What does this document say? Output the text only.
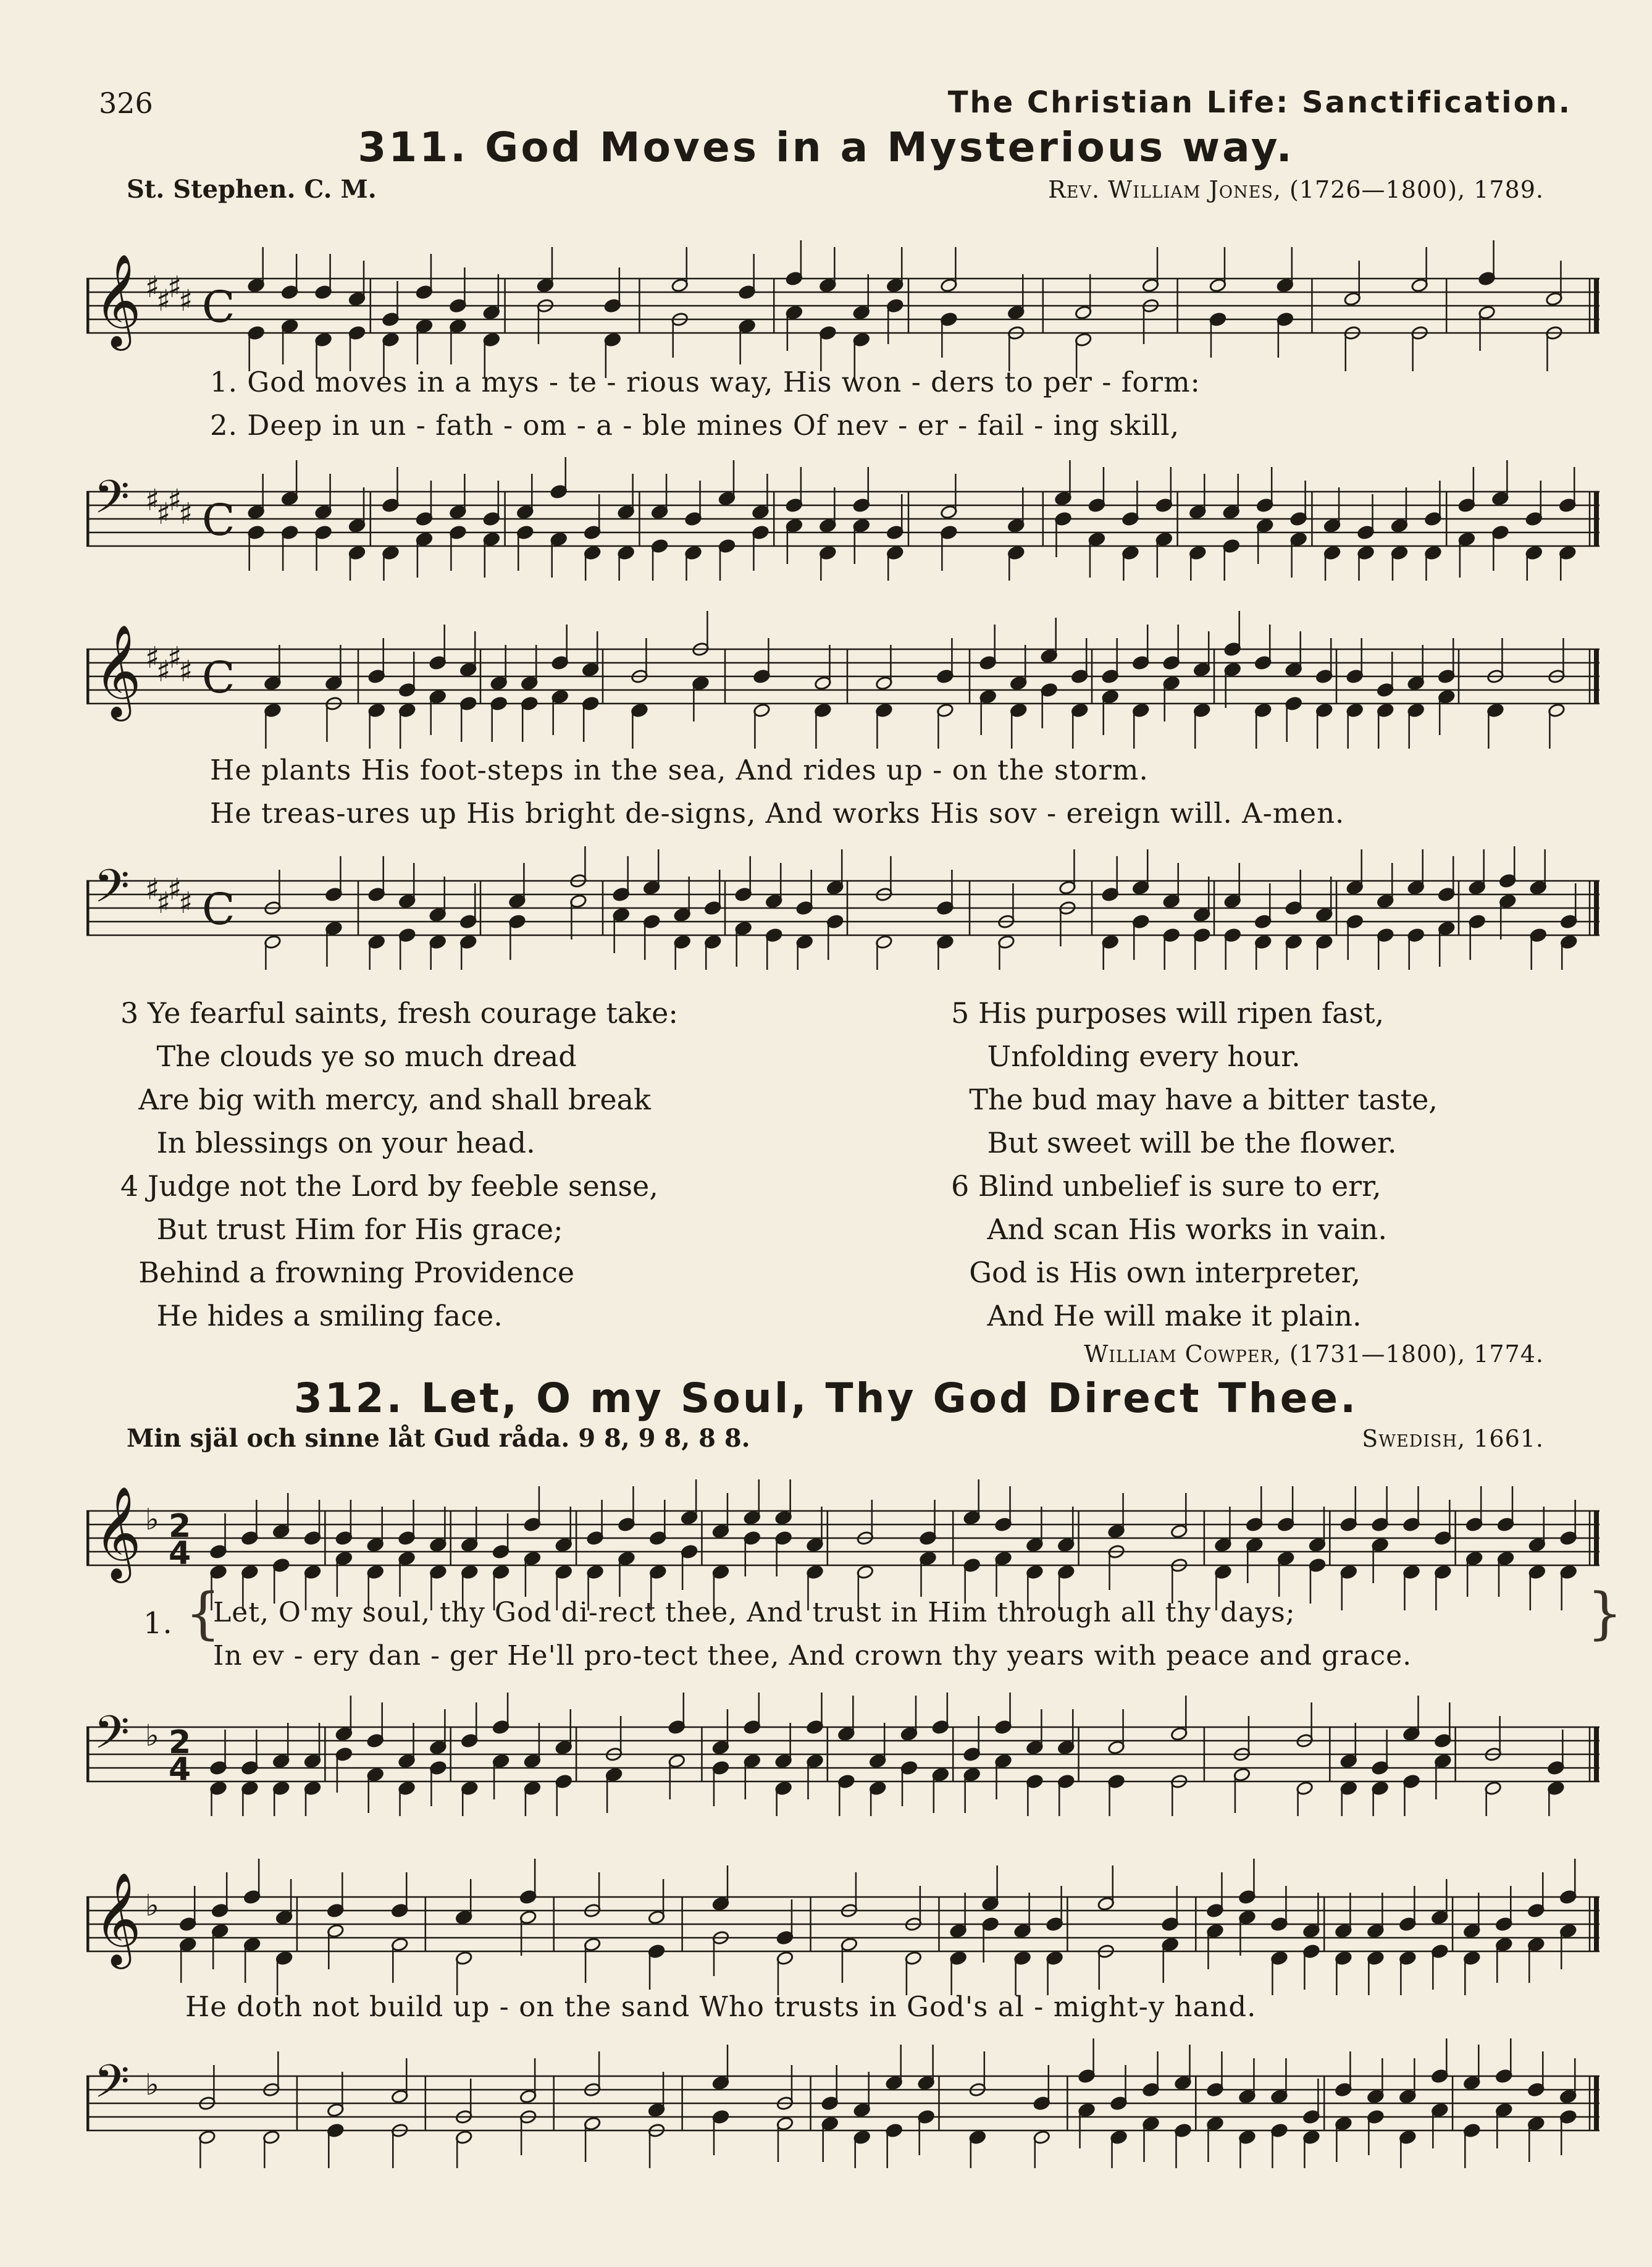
326	The Christian Life: Sanctification.
311. God Moves in a Mysterious way.
St. Stephen. C. M.	Rev. William Jones, (1726—1800), 1789.
𝄞 ♯
♯
♯
♯ C
1. God moves in a mys - te - rious way, His won - ders to per - form:
2. Deep in un - fath - om - a - ble mines Of nev - er - fail - ing skill,
𝄢 ♯
♯
♯
♯ C
𝄞 ♯
♯
♯
♯ C
He plants His foot-steps in the sea, And rides up - on the storm.
He treas-ures up His bright de-signs, And works His sov - ereign will. A-men.
𝄢 ♯
♯
♯
♯ C
3 Ye fearful saints, fresh courage take:
The clouds ye so much dread
Are big with mercy, and shall break
In blessings on your head.
4 Judge not the Lord by feeble sense,
But trust Him for His grace;
Behind a frowning Providence
He hides a smiling face.
5 His purposes will ripen fast,
Unfolding every hour.
The bud may have a bitter taste,
But sweet will be the flower.
6 Blind unbelief is sure to err,
And scan His works in vain.
God is His own interpreter,
And He will make it plain.
William Cowper, (1731—1800), 1774.
312. Let, O my Soul, Thy God Direct Thee.
Min själ och sinne låt Gud råda. 9 8, 9 8, 8 8.	Swedish, 1661.
𝄞 ♭ 2
4
1. {
Let, O my soul, thy God di-rect thee, And trust in Him through all thy days;
In ev - ery dan - ger He'll pro-tect thee, And crown thy years with peace and grace.
}
𝄢 ♭ 2
4
𝄞 ♭
He doth not build up - on the sand Who trusts in God's al - might-y hand.
𝄢 ♭
